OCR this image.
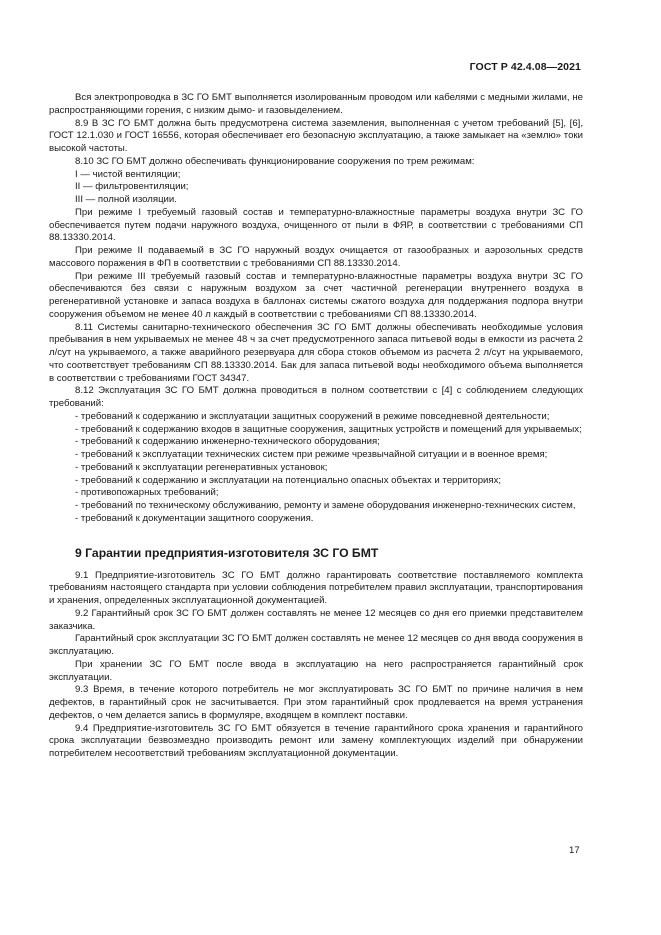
ГОСТ Р 42.4.08—2021

Вся электропроводка в ЗС ГО БМТ выполняется изолированным проводом или кабелями с медными жилами, не распространяющими горения, с низким дымо- и газовыделением.

8.9 В ЗС ГО БМТ должна быть предусмотрена система заземления, выполненная с учетом требований [5], [6], ГОСТ 12.1.030 и ГОСТ 16556, которая обеспечивает его безопасную эксплуатацию, а также замыкает на «землю» токи высокой частоты.

8.10 ЗС ГО БМТ должно обеспечивать функционирование сооружения по трем режимам:

I — чистой вентиляции;

II — фильтровентиляции;

III — полной изоляции.

При режиме I требуемый газовый состав и температурно-влажностные параметры воздуха внутри ЗС ГО обеспечивается путем подачи наружного воздуха, очищенного от пыли в ФЯР, в соответствии с требованиями СП 88.13330.2014.

При режиме II подаваемый в ЗС ГО наружный воздух очищается от газообразных и аэрозольных средств массового поражения в ФП в соответствии с требованиями СП 88.13330.2014.

При режиме III требуемый газовый состав и температурно-влажностные параметры воздуха внутри ЗС ГО обеспечиваются без связи с наружным воздухом за счет частичной регенерации внутреннего воздуха в регенеративной установке и запаса воздуха в баллонах системы сжатого воздуха для поддержания подпора внутри сооружения объемом не менее 40 л каждый в соответствии с требованиями СП 88.13330.2014.

8.11 Системы санитарно-технического обеспечения ЗС ГО БМТ должны обеспечивать необходимые условия пребывания в нем укрываемых не менее 48 ч за счет предусмотренного запаса питьевой воды в емкости из расчета 2 л/сут на укрываемого, а также аварийного резервуара для сбора стоков объемом из расчета 2 л/сут на укрываемого, что соответствует требованиям СП 88.13330.2014. Бак для запаса питьевой воды необходимого объема выполняется в соответствии с требованиями ГОСТ 34347.

8.12 Эксплуатация ЗС ГО БМТ должна проводиться в полном соответствии с [4] с соблюдением следующих требований:

- требований к содержанию и эксплуатации защитных сооружений в режиме повседневной деятельности;

- требований к содержанию входов в защитные сооружения, защитных устройств и помещений для укрываемых;

- требований к содержанию инженерно-технического оборудования;

- требований к эксплуатации технических систем при режиме чрезвычайной ситуации и в военное время;

- требований к эксплуатации регенеративных установок;

- требований к содержанию и эксплуатации на потенциально опасных объектах и территориях;

- противопожарных требований;

- требований по техническому обслуживанию, ремонту и замене оборудования инженерно-технических систем,

- требований к документации защитного сооружения.

9 Гарантии предприятия-изготовителя ЗС ГО БМТ

9.1 Предприятие-изготовитель ЗС ГО БМТ должно гарантировать соответствие поставляемого комплекта требованиям настоящего стандарта при условии соблюдения потребителем правил эксплуатации, транспортирования и хранения, определенных эксплуатационной документацией.

9.2 Гарантийный срок ЗС ГО БМТ должен составлять не менее 12 месяцев со дня его приемки представителем заказчика.

Гарантийный срок эксплуатации ЗС ГО БМТ должен составлять не менее 12 месяцев со дня ввода сооружения в эксплуатацию.

При хранении ЗС ГО БМТ после ввода в эксплуатацию на него распространяется гарантийный срок эксплуатации.

9.3 Время, в течение которого потребитель не мог эксплуатировать ЗС ГО БМТ по причине наличия в нем дефектов, в гарантийный срок не засчитывается. При этом гарантийный срок продлевается на время устранения дефектов, о чем делается запись в формуляре, входящем в комплект поставки.

9.4 Предприятие-изготовитель ЗС ГО БМТ обязуется в течение гарантийного срока хранения и гарантийного срока эксплуатации безвозмездно производить ремонт или замену комплектующих изделий при обнаружении потребителем несоответствий требованиям эксплуатационной документации.

17
